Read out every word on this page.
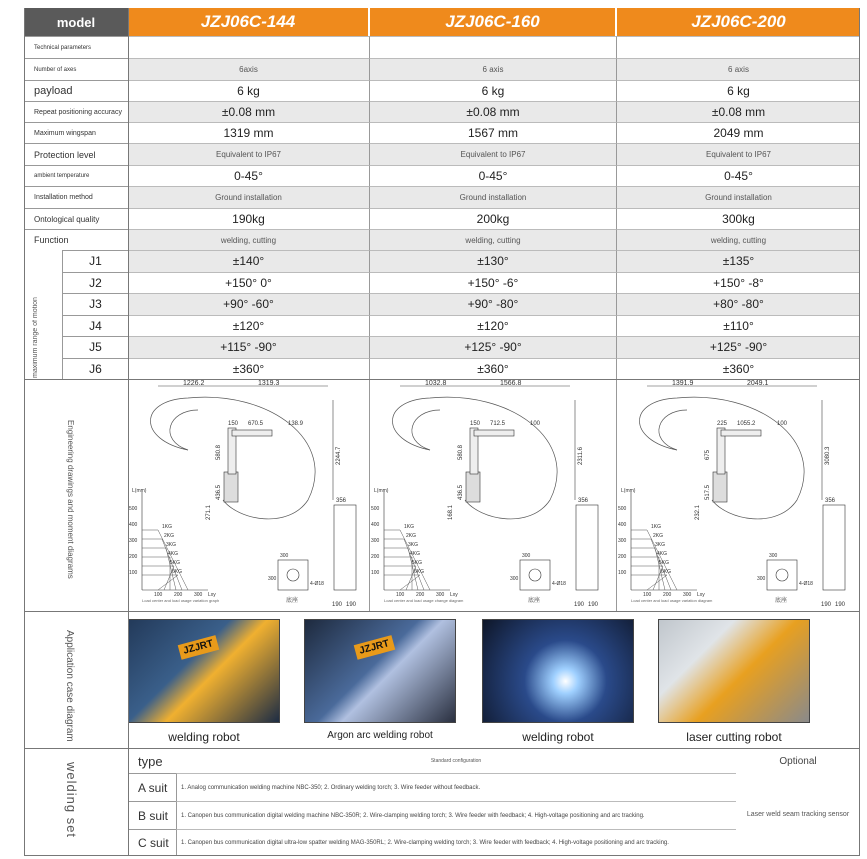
model	JZJ06C-144	JZJ06C-160	JZJ06C-200
Technical parameters
Number of axes	6axis	6 axis	6 axis
payload	6 kg	6 kg	6 kg
Repeat positioning accuracy	±0.08 mm	±0.08 mm	±0.08 mm
Maximum wingspan	1319 mm	1567 mm	2049 mm
Protection level	Equivalent to IP67	Equivalent to IP67	Equivalent to IP67
ambient temperature	0-45°	0-45°	0-45°
Installation method	Ground installation	Ground installation	Ground installation
Ontological quality	190kg	200kg	300kg
Function	welding, cutting	welding, cutting	welding, cutting
maximum range of motion
J1	±140°	±130°	±135°
J2	+150° 0°	+150° -6°	+150° -8°
J3	+90° -60°	+90° -80°	+80° -80°
J4	±120°	±120°	±110°
J5	+115° -90°	+125° -90°	+125° -90°
J6	±360°	±360°	±360°
Engineering drawings and moment diagrams
1226.2	1319.3
150 670.5	138.9
580.8
436.5
271.1
2244.7
L(mm)
Lxy
500
400
300
200
100
100 200 300
1KG
2KG
3KG
4KG
5KG
6KG
300
300
4-Ø18
底座
356
190 190
Load center and load usage variation graph
1032.8	1566.8
150 712.5	100
580.8
436.5
168.1
2311.6
L(mm)
Lxy
500
400
300
200
100
100 200 300
1KG
2KG
3KG
4KG
5KG
6KG
300
300
4-Ø18
底座
356
190 190
Load center and load usage change diagram
1391.9	2049.1
225 1055.2	100
675
517.5
232.1
3080.3
L(mm)
Lxy
500
400
300
200
100
100 200 300
1KG
2KG
3KG
4KG
5KG
6KG
300
300
4-Ø18
底座
356
190 190
Load center and load usage variation diagram
Application case diagram	JZJRT
welding robot
JZJRT
Argon arc welding robot	welding robot	laser cutting robot
welding set
type	Standard configuration	Optional
A suit	1. Analog communication welding machine NBC-350; 2. Ordinary welding torch; 3. Wire feeder without feedback.
B suit	1. Canopen bus communication digital welding machine NBC-350R; 2. Wire-clamping welding torch; 3. Wire feeder with feedback; 4. High-voltage positioning and arc tracking.
C suit	1. Canopen bus communication digital ultra-low spatter welding MAG-350RL; 2. Wire-clamping welding torch; 3. Wire feeder with feedback; 4. High-voltage positioning and arc tracking.
Laser weld seam tracking sensor
